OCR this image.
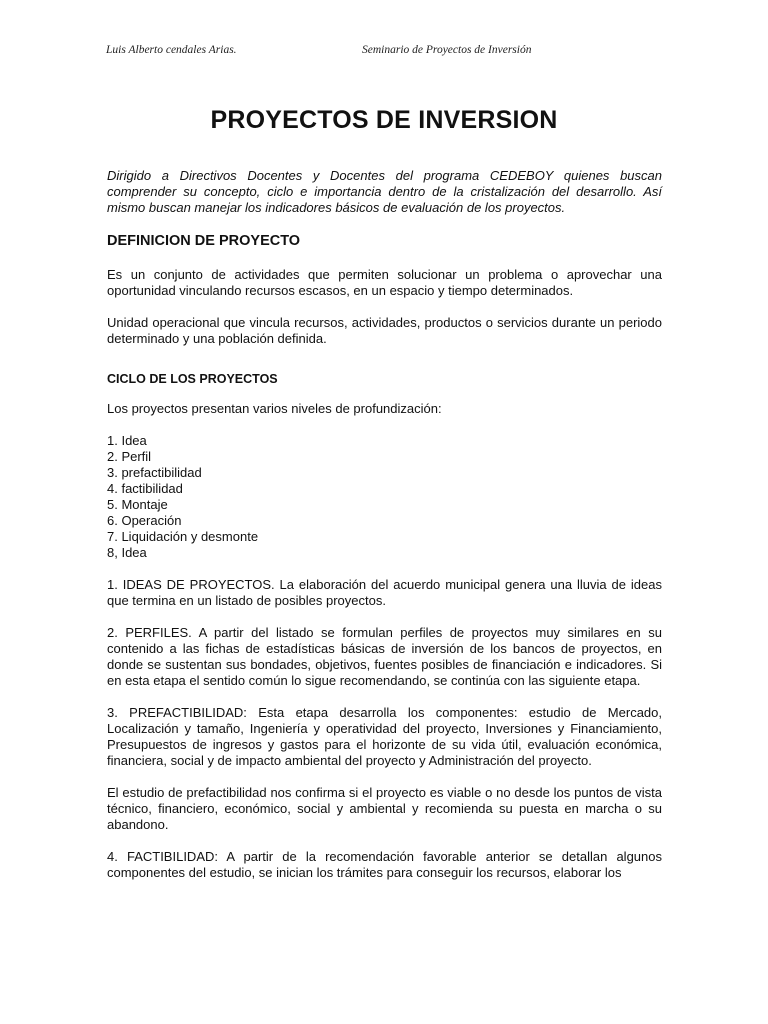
Luis Alberto cendales Arias.	Seminario de Proyectos de Inversión
PROYECTOS DE INVERSION

Dirigido a Directivos Docentes y Docentes del programa CEDEBOY quienes buscan comprender su concepto, ciclo e importancia dentro de la cristalización del desarrollo. Así mismo buscan manejar los indicadores básicos de evaluación de los proyectos.

DEFINICION DE PROYECTO

Es un conjunto de actividades que permiten solucionar un problema o aprovechar una oportunidad vinculando recursos escasos, en un espacio y tiempo determinados.

Unidad operacional que vincula recursos, actividades, productos o servicios durante un periodo determinado y una población definida.

CICLO DE LOS PROYECTOS

Los proyectos presentan varios niveles de profundización:

1. Idea
2. Perfil
3. prefactibilidad
4. factibilidad
5. Montaje
6. Operación
7. Liquidación y desmonte
8, Idea

1. IDEAS DE PROYECTOS. La elaboración del acuerdo municipal genera una lluvia de ideas que termina en un listado de posibles proyectos.

2. PERFILES. A partir del listado se formulan perfiles de proyectos muy similares en su contenido a las fichas de estadísticas básicas de inversión de los bancos de proyectos, en donde se sustentan sus bondades, objetivos, fuentes posibles de financiación e indicadores. Si en esta etapa el sentido común lo sigue recomendando, se continúa con las siguiente etapa.

3. PREFACTIBILIDAD: Esta etapa desarrolla los componentes: estudio de Mercado, Localización y tamaño, Ingeniería y operatividad del proyecto, Inversiones y Financiamiento, Presupuestos de ingresos y gastos para el horizonte de su vida útil, evaluación económica, financiera, social y de impacto ambiental del proyecto y Administración del proyecto.

El estudio de prefactibilidad nos confirma si el proyecto es viable o no desde los puntos de vista técnico, financiero, económico, social y ambiental y recomienda su puesta en marcha o su abandono.

4. FACTIBILIDAD: A partir de la recomendación favorable anterior se detallan algunos componentes del estudio, se inician los trámites para conseguir los recursos, elaborar los
